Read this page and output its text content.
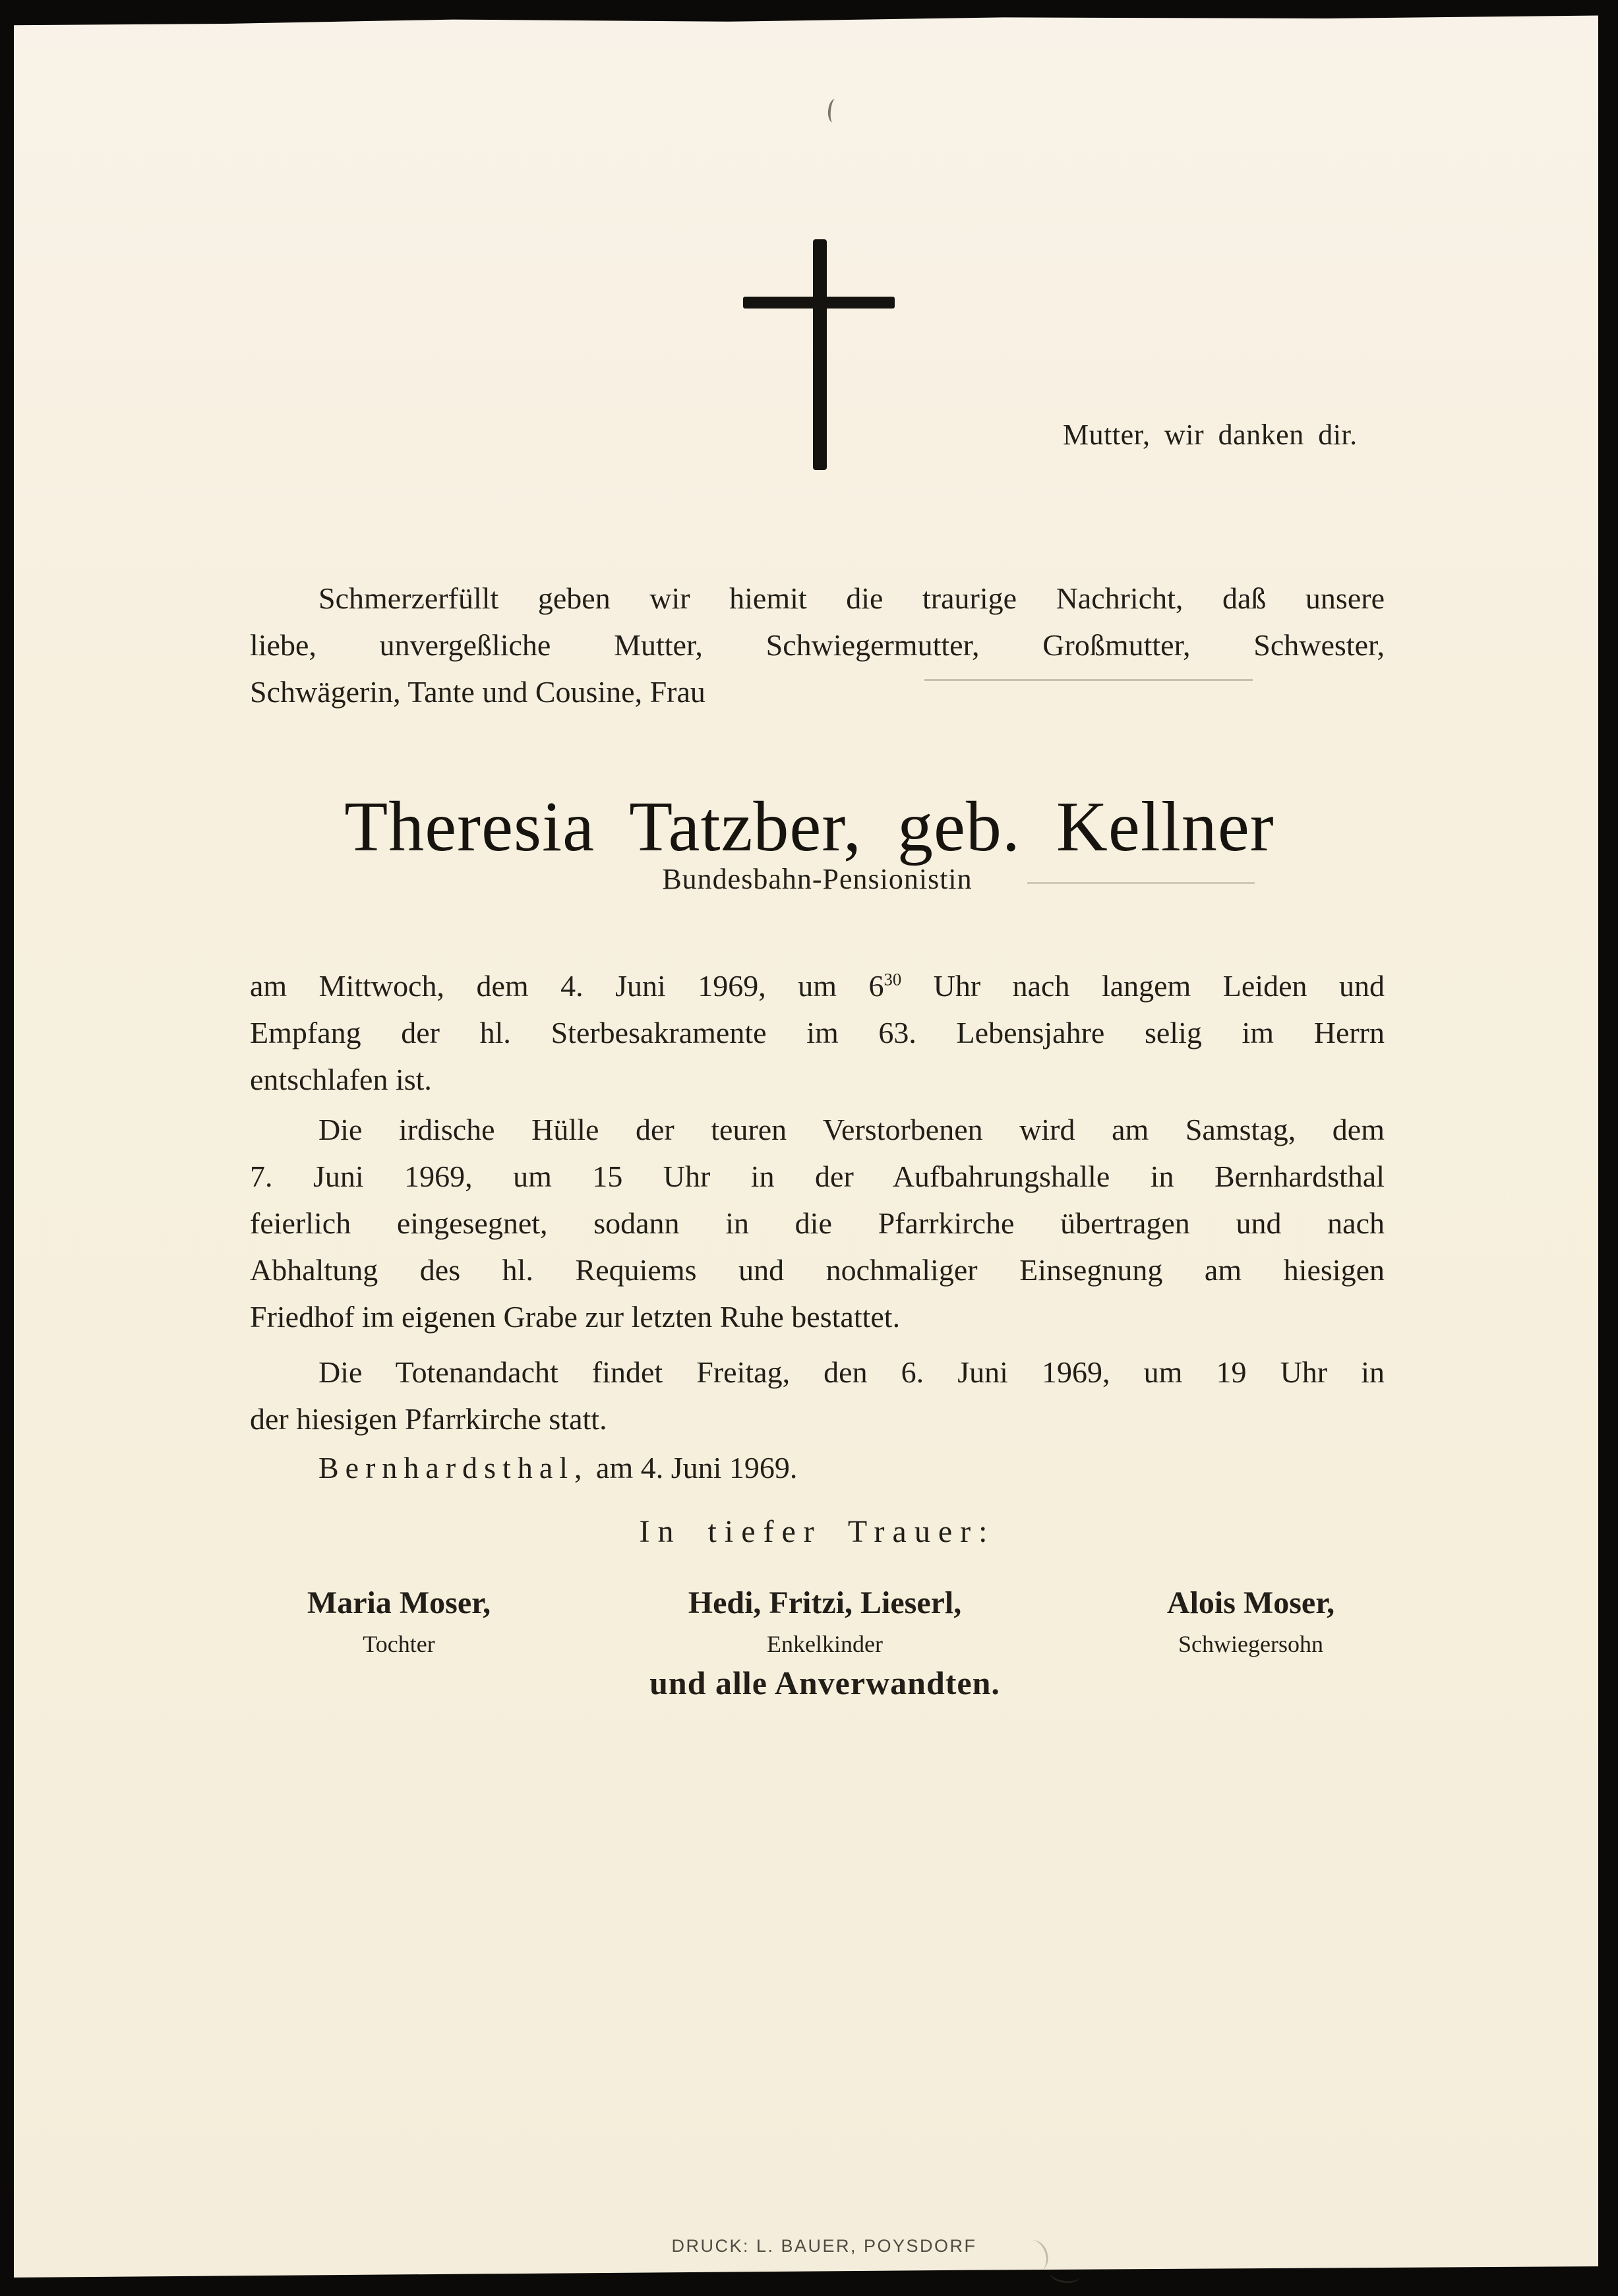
Mutter, wir danken dir.
Schmerzerfüllt geben wir hiemit die traurige Nachricht, daß unsere
liebe, unvergeßliche Mutter, Schwiegermutter, Großmutter, Schwester,
Schwägerin, Tante und Cousine, Frau
Theresia Tatzber, geb. Kellner
Bundesbahn-Pensionistin
am Mittwoch, dem 4. Juni 1969, um $6^{30}$ Uhr nach langem Leiden und
Empfang der hl. Sterbesakramente im 63. Lebensjahre selig im Herrn
entschlafen ist.
Die irdische Hülle der teuren Verstorbenen wird am Samstag, dem
7. Juni 1969, um 15 Uhr in der Aufbahrungshalle in Bernhardsthal
feierlich eingesegnet, sodann in die Pfarrkirche übertragen und nach
Abhaltung des hl. Requiems und nochmaliger Einsegnung am hiesigen
Friedhof im eigenen Grabe zur letzten Ruhe bestattet.
Die Totenandacht findet Freitag, den 6. Juni 1969, um 19 Uhr in
der hiesigen Pfarrkirche statt.
Bernhardsthal, am 4. Juni 1969.
In tiefer Trauer:
Maria Moser,
Tochter
Hedi, Fritzi, Lieserl,
Enkelkinder
Alois Moser,
Schwiegersohn
und alle Anverwandten.
DRUCK: L. BAUER, POYSDORF
